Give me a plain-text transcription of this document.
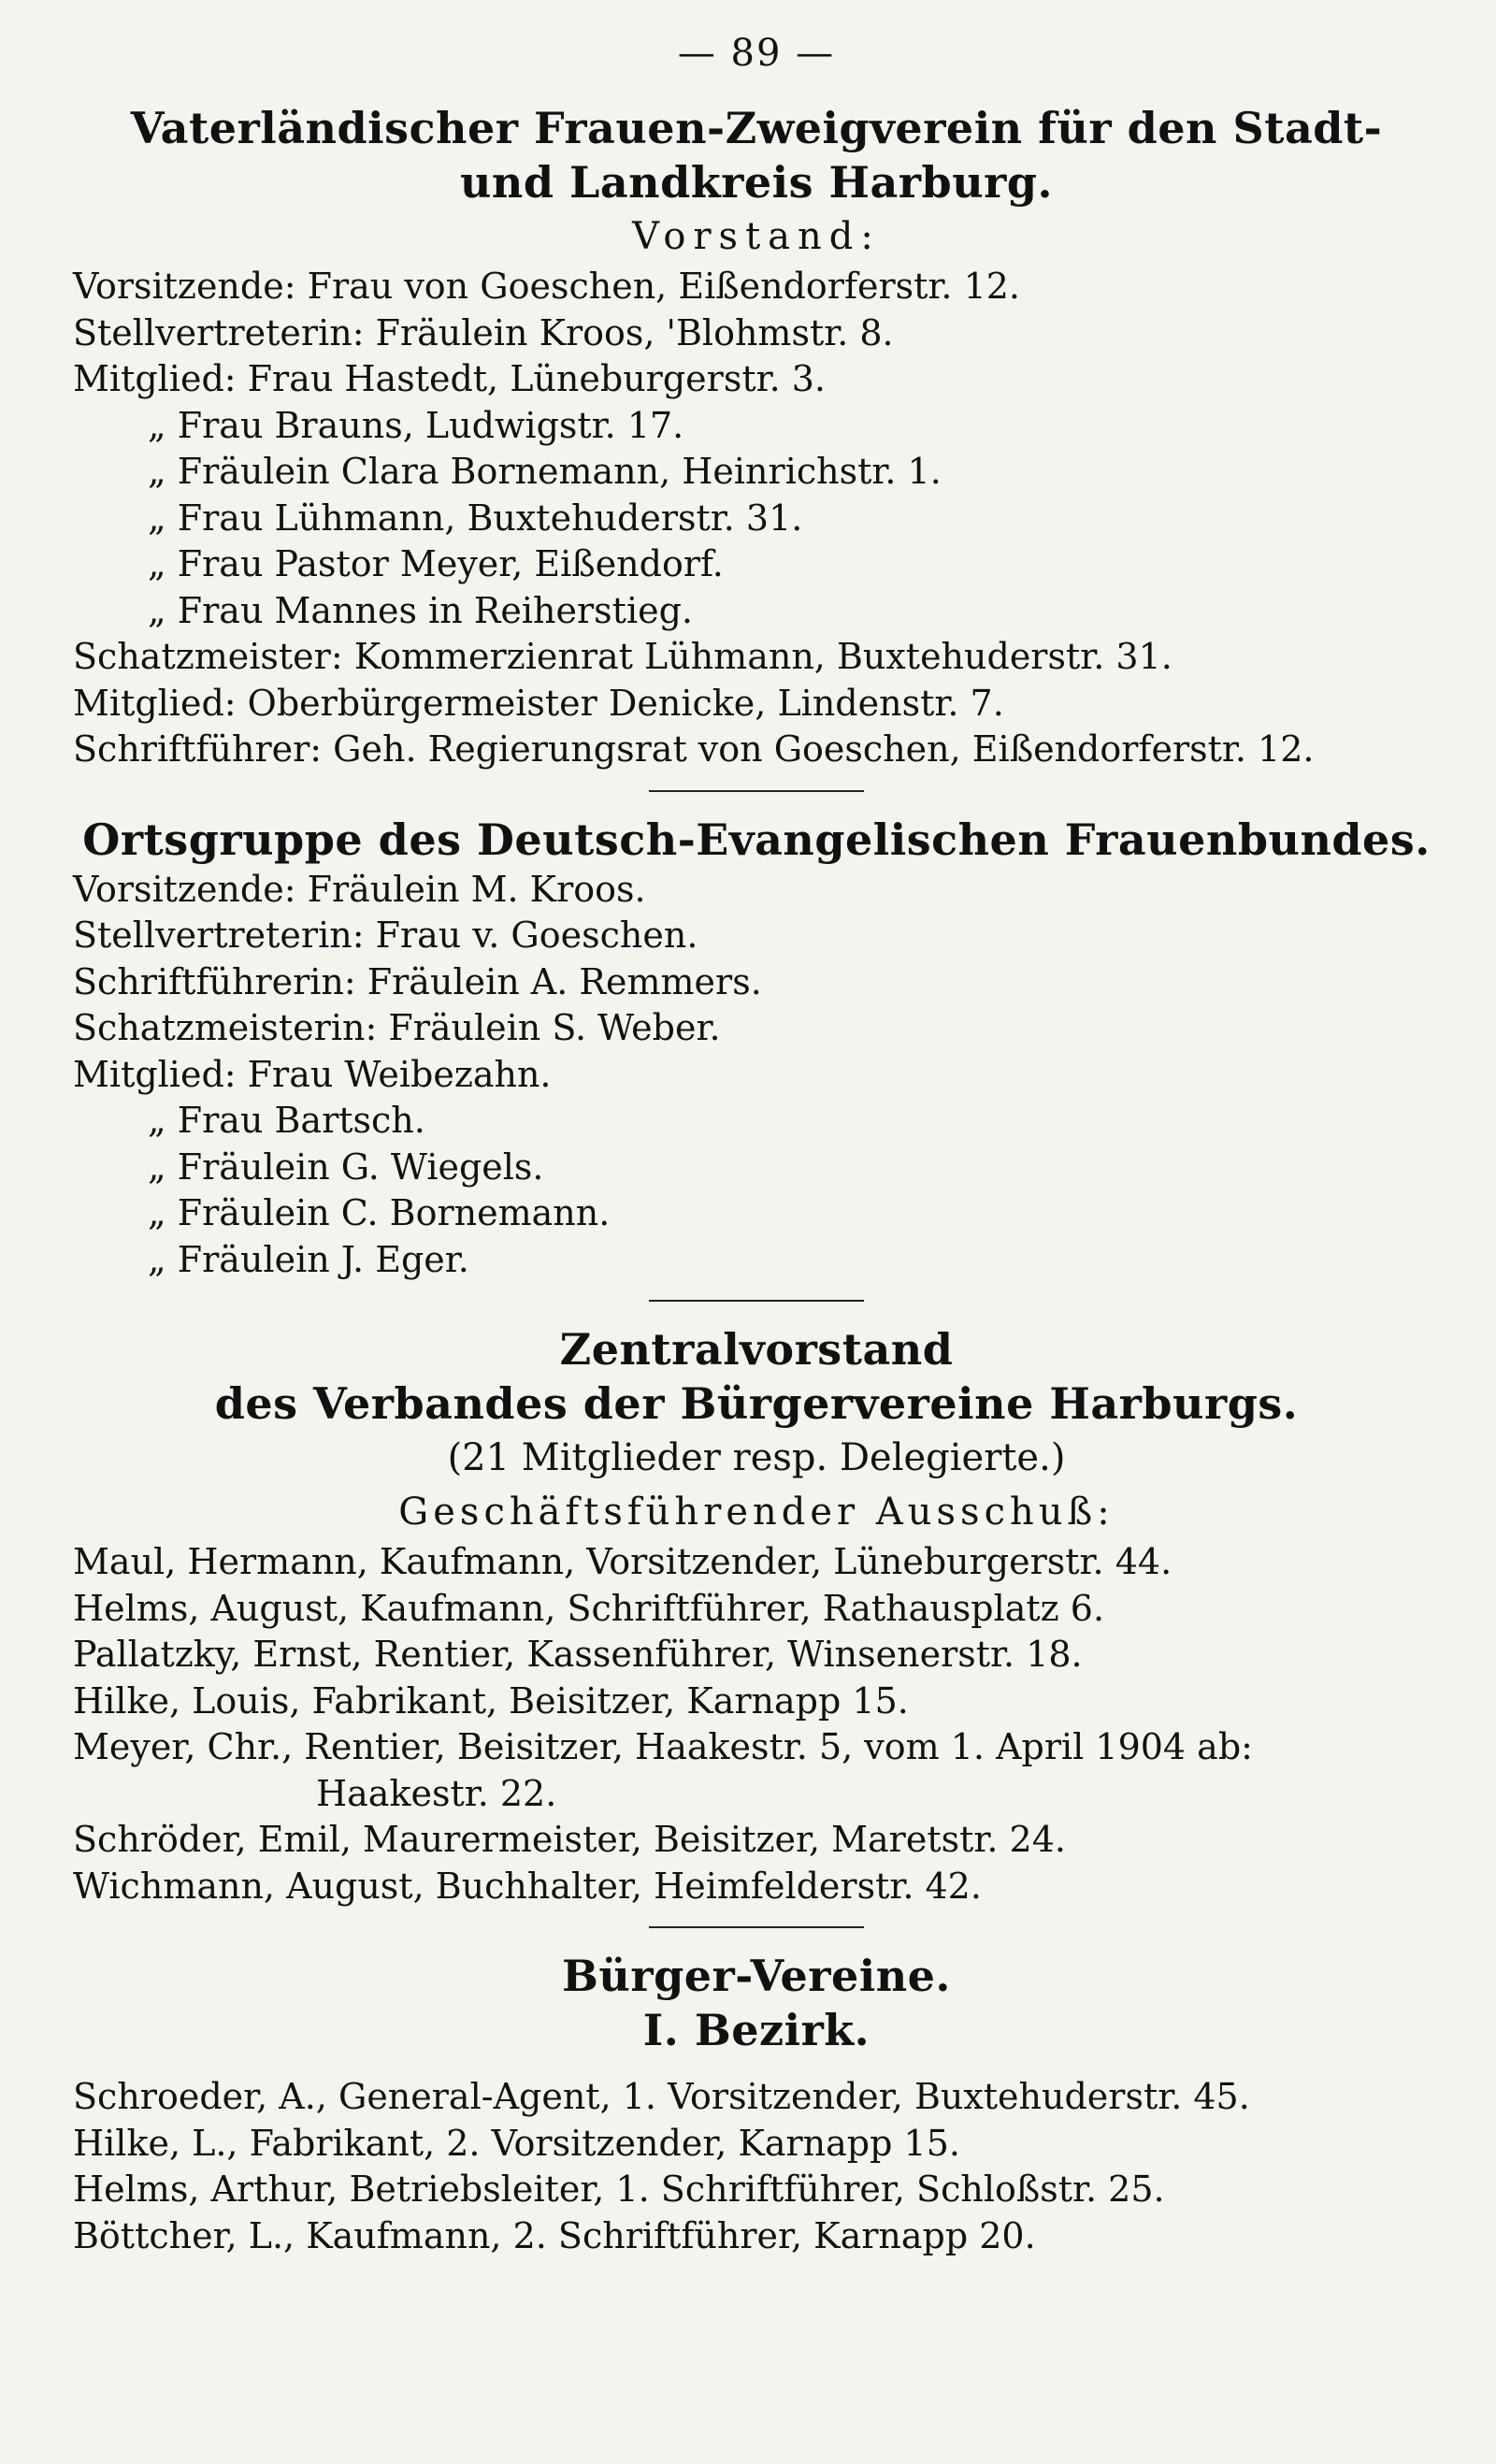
— 89 —
Vaterländischer Frauen-Zweigverein für den Stadt-
und Landkreis Harburg.
Vorstand:
Vorsitzende: Frau von Goeschen, Eißendorferstr. 12.
Stellvertreterin: Fräulein Kroos, 'Blohmstr. 8.
Mitglied: Frau Hastedt, Lüneburgerstr. 3.
„ Frau Brauns, Ludwigstr. 17.
„ Fräulein Clara Bornemann, Heinrichstr. 1.
„ Frau Lühmann, Buxtehuderstr. 31.
„ Frau Pastor Meyer, Eißendorf.
„ Frau Mannes in Reiherstieg.
Schatzmeister: Kommerzienrat Lühmann, Buxtehuderstr. 31.
Mitglied: Oberbürgermeister Denicke, Lindenstr. 7.
Schriftführer: Geh. Regierungsrat von Goeschen, Eißendorferstr. 12.
Ortsgruppe des Deutsch-Evangelischen Frauenbundes.
Vorsitzende: Fräulein M. Kroos.
Stellvertreterin: Frau v. Goeschen.
Schriftführerin: Fräulein A. Remmers.
Schatzmeisterin: Fräulein S. Weber.
Mitglied: Frau Weibezahn.
„ Frau Bartsch.
„ Fräulein G. Wiegels.
„ Fräulein C. Bornemann.
„ Fräulein J. Eger.
Zentralvorstand
des Verbandes der Bürgervereine Harburgs.
(21 Mitglieder resp. Delegierte.)
Geschäftsführender Ausschuß:
Maul, Hermann, Kaufmann, Vorsitzender, Lüneburgerstr. 44.
Helms, August, Kaufmann, Schriftführer, Rathausplatz 6.
Pallatzky, Ernst, Rentier, Kassenführer, Winsenerstr. 18.
Hilke, Louis, Fabrikant, Beisitzer, Karnapp 15.
Meyer, Chr., Rentier, Beisitzer, Haakestr. 5, vom 1. April 1904 ab:
Haakestr. 22.
Schröder, Emil, Maurermeister, Beisitzer, Maretstr. 24.
Wichmann, August, Buchhalter, Heimfelderstr. 42.
Bürger-Vereine.
I. Bezirk.
Schroeder, A., General-Agent, 1. Vorsitzender, Buxtehuderstr. 45.
Hilke, L., Fabrikant, 2. Vorsitzender, Karnapp 15.
Helms, Arthur, Betriebsleiter, 1. Schriftführer, Schloßstr. 25.
Böttcher, L., Kaufmann, 2. Schriftführer, Karnapp 20.
